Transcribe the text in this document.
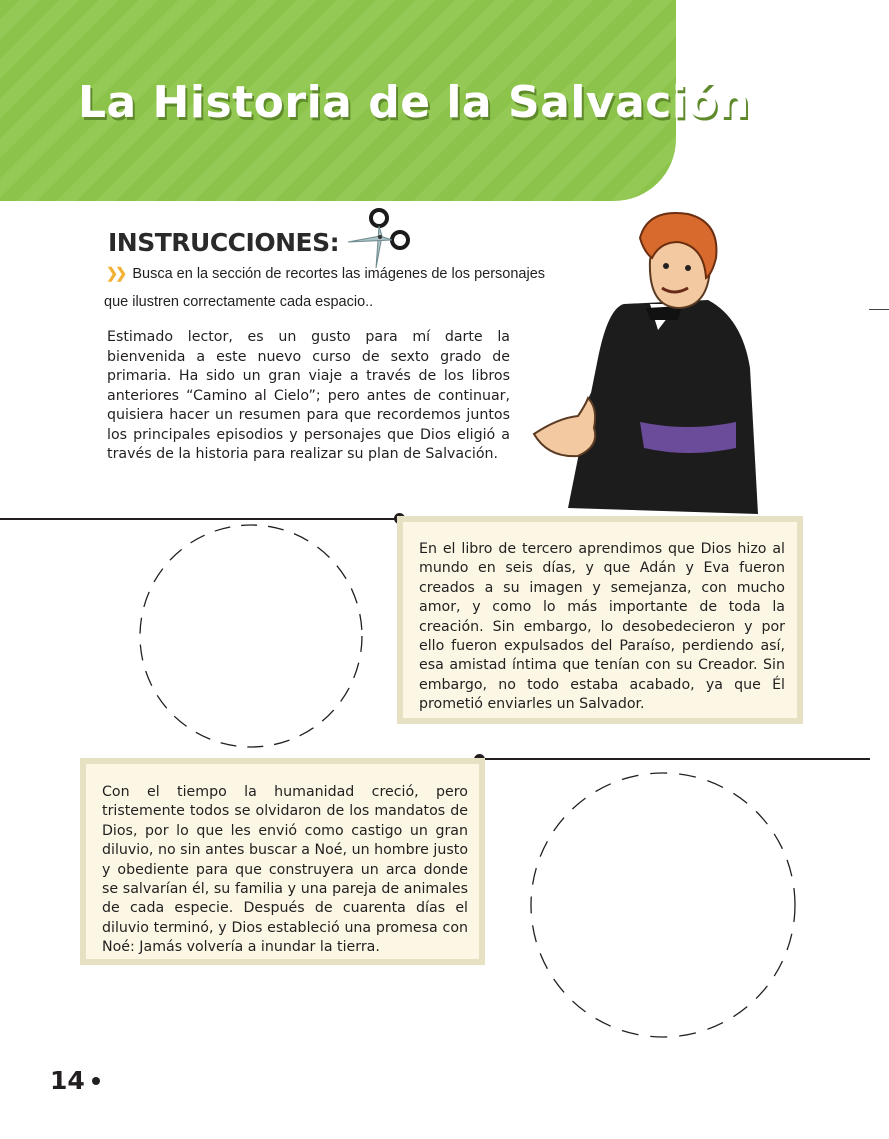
La Historia de la Salvación
INSTRUCCIONES:
❯❯ Busca en la sección de recortes las imágenes de los personajes
que ilustren correctamente cada espacio..

Estimado lector, es un gusto para mí darte la bienvenida a este nuevo curso de sexto grado de primaria. Ha sido un gran viaje a través de los libros anteriores “Camino al Cielo”; pero antes de continuar, quisiera hacer un resumen para que recordemos juntos los principales episodios y personajes que Dios eligió a través de la historia para realizar su plan de Salvación.

En el libro de tercero aprendimos que Dios hizo al mundo en seis días, y que Adán y Eva fueron creados a su imagen y semejanza, con mucho amor, y como lo más importante de toda la creación. Sin embargo, lo desobedecieron y por ello fueron expulsados del Paraíso, perdiendo así, esa amistad íntima que tenían con su Creador. Sin embargo, no todo estaba acabado, ya que Él prometió enviarles un Salvador.

Con el tiempo la humanidad creció, pero tristemente todos se olvidaron de los mandatos de Dios, por lo que les envió como castigo un gran diluvio, no sin antes buscar a Noé, un hombre justo y obediente para que construyera un arca donde se salvarían él, su familia y una pareja de animales de cada especie. Después de cuarenta días el diluvio terminó, y Dios estableció una promesa con Noé: Jamás volvería a inundar la tierra.

14
